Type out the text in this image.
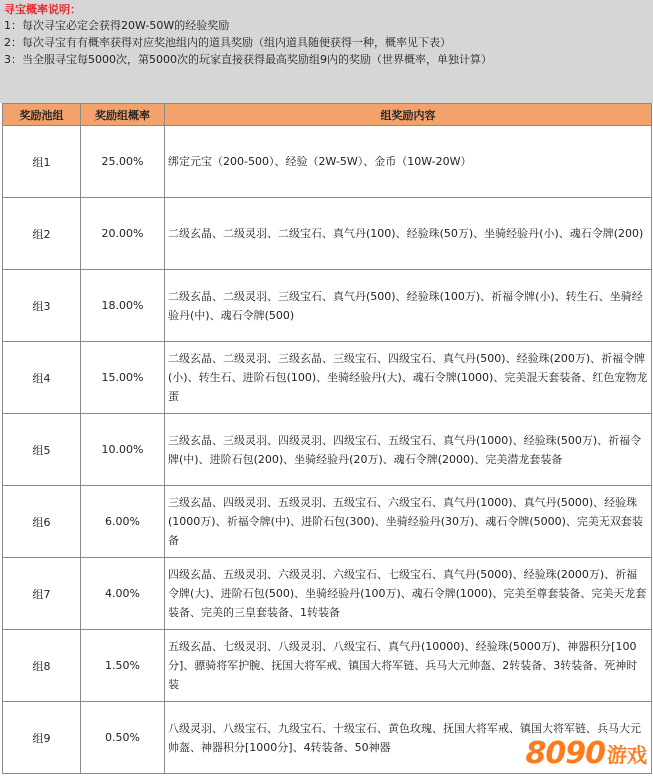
寻宝概率说明：
1：每次寻宝必定会获得20W-50W的经验奖励
2：每次寻宝有有概率获得对应奖池组内的道具奖励（组内道具随便获得一种，概率见下表）
3：当全服寻宝每5000次，第5000次的玩家直接获得最高奖励组9内的奖励（世界概率，单独计算）
奖励池组	奖励组概率	组奖励内容
组1	25.00%	绑定元宝（200-500）、经验（2W-5W）、金币（10W-20W）
组2	20.00%	二级玄晶、二级灵羽、二级宝石、真气丹(100)、经验珠(50万)、坐骑经验丹(小)、魂石令牌(200)
组3	18.00%	二级玄晶、二级灵羽、三级宝石、真气丹(500)、经验珠(100万)、祈福令牌(小)、转生石、坐骑经验丹(中)、魂石令牌(500)
组4	15.00%	二级玄晶、二级灵羽、三级玄晶、三级宝石、四级宝石、真气丹(500)、经验珠(200万)、祈福令牌(小)、转生石、进阶石包(100)、坐骑经验丹(大)、魂石令牌(1000)、完美混天套装备、红色宠物龙蛋
组5	10.00%	三级玄晶、三级灵羽、四级灵羽、四级宝石、五级宝石、真气丹(1000)、经验珠(500万)、祈福令牌(中)、进阶石包(200)、坐骑经验丹(20万)、魂石令牌(2000)、完美潜龙套装备
组6	6.00%	三级玄晶、四级灵羽、五级灵羽、五级宝石、六级宝石、真气丹(1000)、真气丹(5000)、经验珠(1000万)、祈福令牌(中)、进阶石包(300)、坐骑经验丹(30万)、魂石令牌(5000)、完美无双套装备
组7	4.00%	四级玄晶、五级灵羽、六级灵羽、六级宝石、七级宝石、真气丹(5000)、经验珠(2000万)、祈福令牌(大)、进阶石包(500)、坐骑经验丹(100万)、魂石令牌(1000)、完美至尊套装备、完美天龙套装备、完美的三皇套装备、1转装备
组8	1.50%	五级玄晶、七级灵羽、八级灵羽、八级宝石、真气丹(10000)、经验珠(5000万)、神器积分[100分]、骠骑将军护腕、抚国大将军戒、镇国大将军链、兵马大元帅盔、2转装备、3转装备、死神时装
组9	0.50%	八级灵羽、八级宝石、九级宝石、十级宝石、黄色玫瑰、抚国大将军戒、镇国大将军链、兵马大元帅盔、神器积分[1000分]、4转装备、50神器	8090 游戏
